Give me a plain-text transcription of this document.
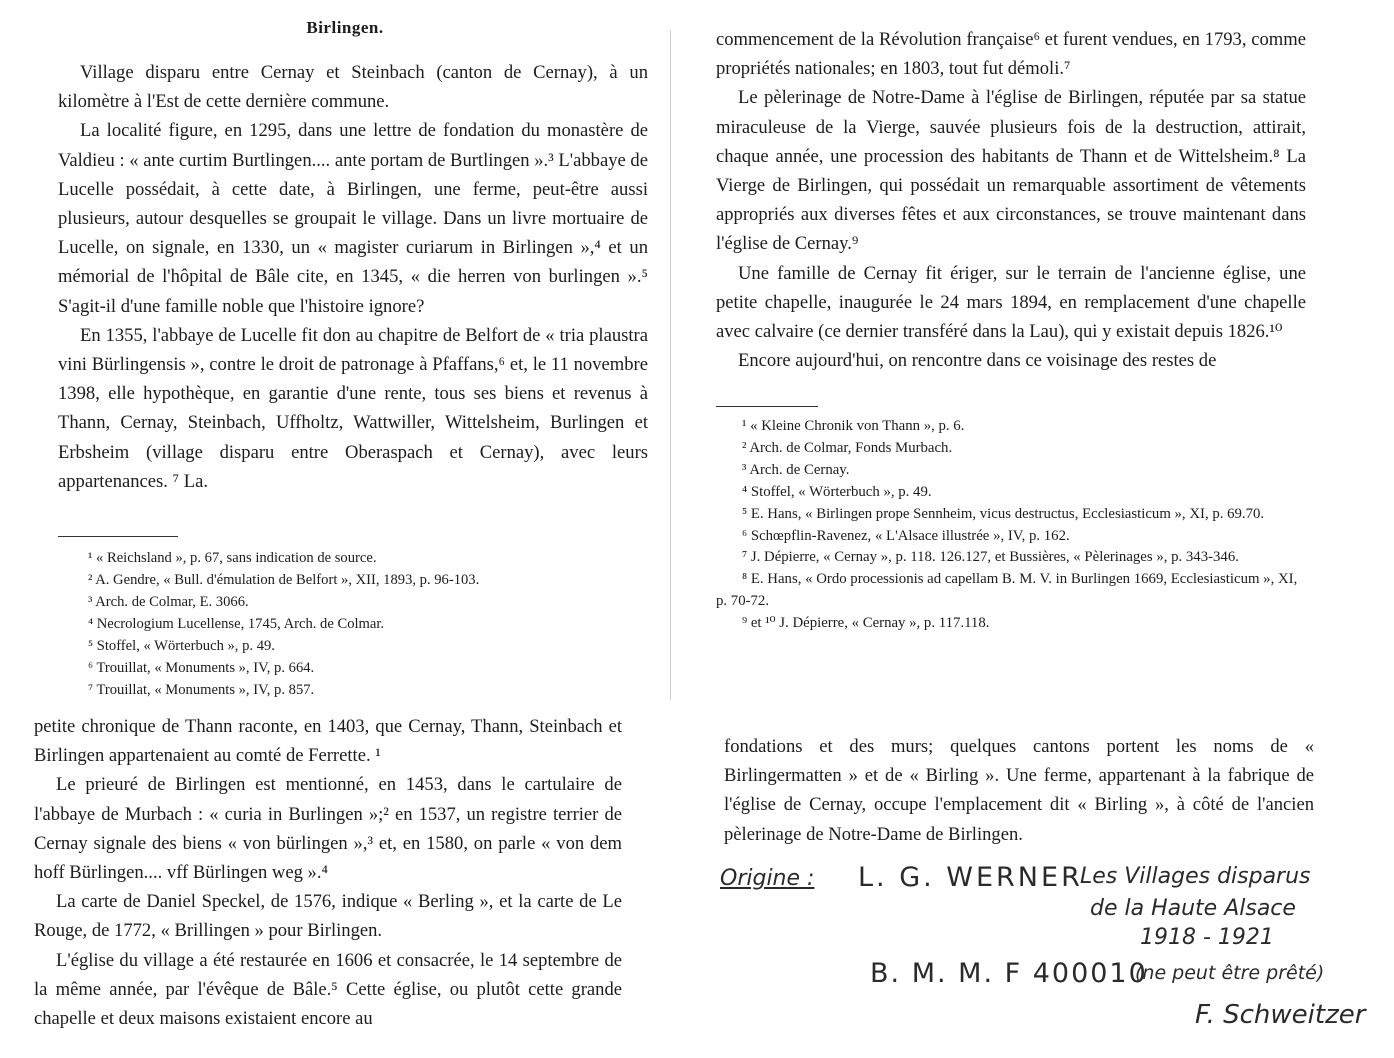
Birlingen.

Village disparu entre Cernay et Steinbach (canton de Cernay), à un kilomètre à l'Est de cette dernière commune.

La localité figure, en 1295, dans une lettre de fondation du monastère de Valdieu : « ante curtim Burtlingen.... ante portam de Burtlingen ».³ L'abbaye de Lucelle possédait, à cette date, à Birlingen, une ferme, peut-être aussi plusieurs, autour desquelles se groupait le village. Dans un livre mortuaire de Lucelle, on signale, en 1330, un « magister curiarum in Birlingen »,⁴ et un mémorial de l'hôpital de Bâle cite, en 1345, « die herren von burlingen ».⁵ S'agit-il d'une famille noble que l'histoire ignore?

En 1355, l'abbaye de Lucelle fit don au chapitre de Belfort de « tria plaustra vini Bürlingensis », contre le droit de patronage à Pfaffans,⁶ et, le 11 novembre 1398, elle hypothèque, en garantie d'une rente, tous ses biens et revenus à Thann, Cernay, Steinbach, Uffholtz, Wattwiller, Wittelsheim, Burlingen et Erbsheim (village disparu entre Oberaspach et Cernay), avec leurs appartenances. ⁷ La.

¹ « Reichsland », p. 67, sans indication de source.

² A. Gendre, « Bull. d'émulation de Belfort », XII, 1893, p. 96-103.

³ Arch. de Colmar, E. 3066.

⁴ Necrologium Lucellense, 1745, Arch. de Colmar.

⁵ Stoffel, « Wörterbuch », p. 49.

⁶ Trouillat, « Monuments », IV, p. 664.

⁷ Trouillat, « Monuments », IV, p. 857.

petite chronique de Thann raconte, en 1403, que Cernay, Thann, Steinbach et Birlingen appartenaient au comté de Ferrette. ¹

Le prieuré de Birlingen est mentionné, en 1453, dans le cartulaire de l'abbaye de Murbach : « curia in Burlingen »;² en 1537, un registre terrier de Cernay signale des biens « von bürlingen »,³ et, en 1580, on parle « von dem hoff Bürlingen.... vff Bürlingen weg ».⁴

La carte de Daniel Speckel, de 1576, indique « Berling », et la carte de Le Rouge, de 1772, « Brillingen » pour Birlingen.

L'église du village a été restaurée en 1606 et consacrée, le 14 septembre de la même année, par l'évêque de Bâle.⁵ Cette église, ou plutôt cette grande chapelle et deux maisons existaient encore au

commencement de la Révolution française⁶ et furent vendues, en 1793, comme propriétés nationales; en 1803, tout fut démoli.⁷

Le pèlerinage de Notre-Dame à l'église de Birlingen, réputée par sa statue miraculeuse de la Vierge, sauvée plusieurs fois de la destruction, attirait, chaque année, une procession des habitants de Thann et de Wittelsheim.⁸ La Vierge de Birlingen, qui possédait un remarquable assortiment de vêtements appropriés aux diverses fêtes et aux circonstances, se trouve maintenant dans l'église de Cernay.⁹

Une famille de Cernay fit ériger, sur le terrain de l'ancienne église, une petite chapelle, inaugurée le 24 mars 1894, en remplacement d'une chapelle avec calvaire (ce dernier transféré dans la Lau), qui y existait depuis 1826.¹⁰

Encore aujourd'hui, on rencontre dans ce voisinage des restes de

¹ « Kleine Chronik von Thann », p. 6.

² Arch. de Colmar, Fonds Murbach.

³ Arch. de Cernay.

⁴ Stoffel, « Wörterbuch », p. 49.

⁵ E. Hans, « Birlingen prope Sennheim, vicus destructus, Ecclesiasticum », XI, p. 69.70.

⁶ Schœpflin-Ravenez, « L'Alsace illustrée », IV, p. 162.

⁷ J. Dépierre, « Cernay », p. 118. 126.127, et Bussières, « Pèlerinages », p. 343-346.

⁸ E. Hans, « Ordo processionis ad capellam B. M. V. in Burlingen 1669, Ecclesiasticum », XI, p. 70-72.

⁹ et ¹⁰ J. Dépierre, « Cernay », p. 117.118.

fondations et des murs; quelques cantons portent les noms de « Birlingermatten » et de « Birling ». Une ferme, appartenant à la fabrique de l'église de Cernay, occupe l'emplacement dit « Birling », à côté de l'ancien pèlerinage de Notre-Dame de Birlingen.

Origine : L. G. WERNER
Les Villages disparus
de la Haute Alsace
1918 - 1921
B. M. M. F 400010
(ne peut être prêté)
F. Schweitzer
